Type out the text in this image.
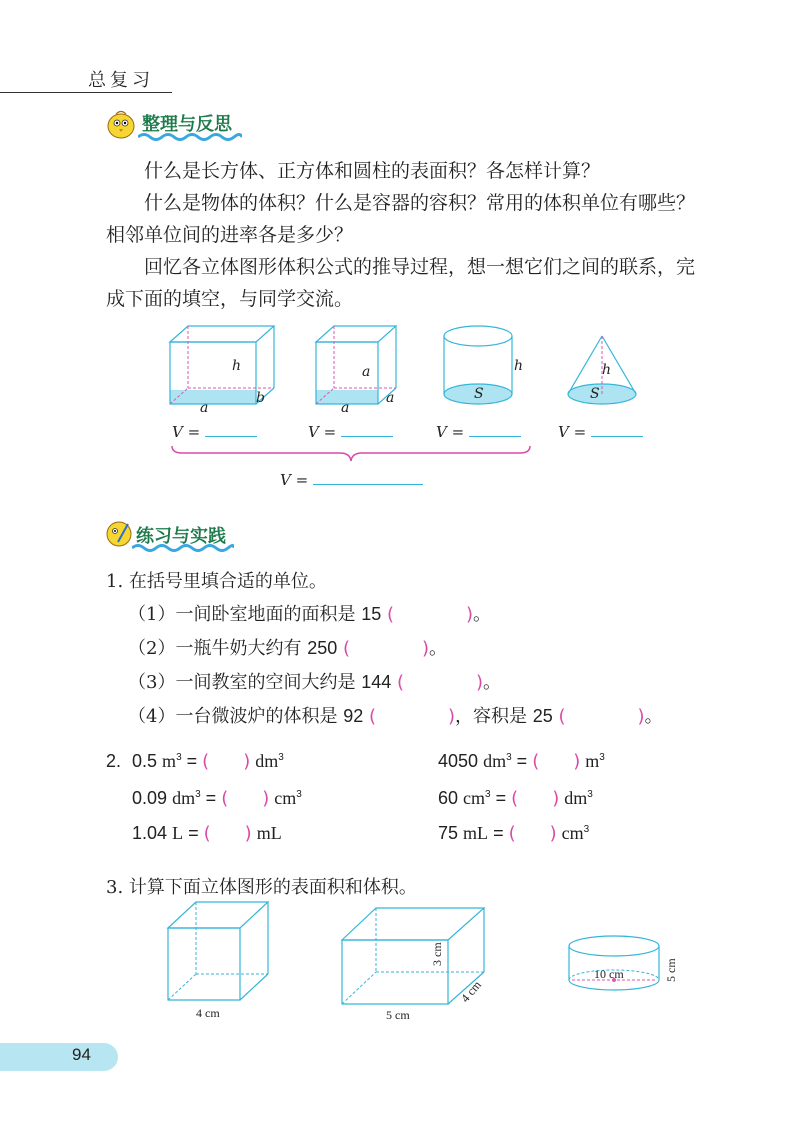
总复习
整理与反思
什么是长方体、正方体和圆柱的表面积？各怎样计算？
什么是物体的体积？什么是容器的容积？常用的体积单位有哪些？相邻单位间的进率各是多少？
回忆各立体图形体积公式的推导过程，想一想它们之间的联系，完成下面的填空，与同学交流。
h
a
b
a
a
a
h
S
h
S
V =	V =	V =	V =
V =
练习与实践
1. 在括号里填合适的单位。
（1）一间卧室地面的面积是 15 (	)。
（2）一瓶牛奶大约有 250 (	)。
（3）一间教室的空间大约是 144 (	)。
（4）一台微波炉的体积是 92 (	)，容积是 25 (	)。
2. 0.5 $m^3$ = ( ) $dm^3$	4050 $dm^3$ = ( ) $m^3$
0.09 $dm^3$ = ( ) $cm^3$	60 $cm^3$ = ( ) $dm^3$
1.04 L = ( ) mL	75 mL = ( ) $cm^3$
3. 计算下面立体图形的表面积和体积。
4 cm	5 cm
3 cm
4 cm
10 cm	5 cm
94
